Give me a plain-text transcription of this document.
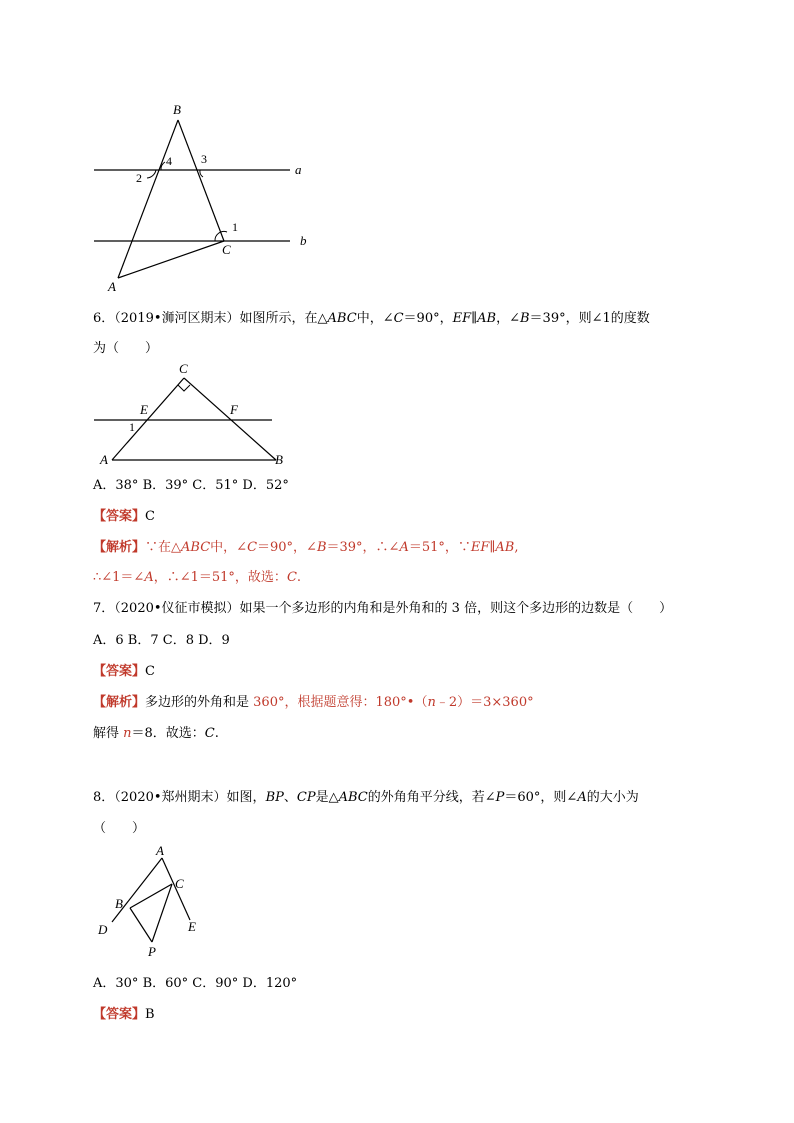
B
A
C
a
b
1
2
3
4
6．（2019•浉河区期末）如图所示，在△ABC中，∠C＝90°，EF∥AB，∠B＝39°，则∠1的度数
为（　　）
C
E	F
A	B
1
A．38° B．39° C．51° D．52°
【答案】C
【解析】∵在△ABC中，∠C＝90°，∠B＝39°，∴∠A＝51°，∵EF∥AB,
∴∠1＝∠A，∴∠1＝51°，故选：C.
7．（2020•仪征市模拟）如果一个多边形的内角和是外角和的 3 倍，则这个多边形的边数是（　　）
A．6 B．7 C．8 D．9
【答案】C
【解析】多边形的外角和是 360°，根据题意得：180°•（n﹣2）＝3×360°
解得 n＝8．故选：C.
8．（2020•郑州期末）如图，BP、CP是△ABC的外角角平分线，若∠P＝60°，则∠A的大小为
（　　）
A
B
C
D	E
P
A．30° B．60° C．90° D．120°
【答案】B
